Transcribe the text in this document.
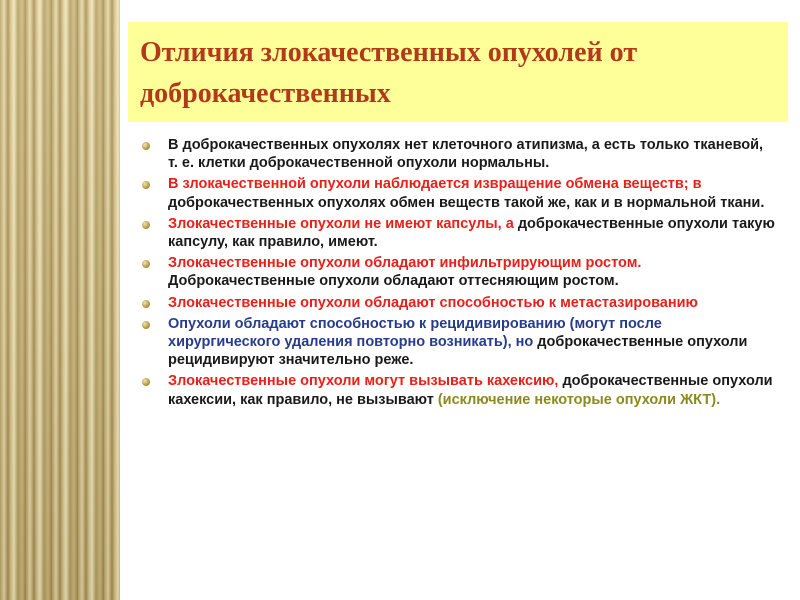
Отличия злокачественных опухолей от доброкачественных
В доброкачественных опухолях нет клеточного атипизма, а есть только тканевой, т. е. клетки доброкачественной опухоли нормальны.
В злокачественной опухоли наблюдается извращение обмена веществ; в доброкачественных опухолях обмен веществ такой же, как и в нормальной ткани.
Злокачественные опухоли не имеют капсулы, а доброкачественные опухоли такую капсулу, как правило, имеют.
Злокачественные опухоли обладают инфильтрирующим ростом. Доброкачественные опухоли обладают оттесняющим ростом.
Злокачественные опухоли обладают способностью к метастазированию
Опухоли обладают способностью к рецидивированию (могут после хирургического удаления повторно возникать), но доброкачественные опухоли рецидивируют значительно реже.
Злокачественные опухоли могут вызывать кахексию, доброкачественные опухоли кахексии, как правило, не вызывают (исключение некоторые опухоли ЖКТ).
